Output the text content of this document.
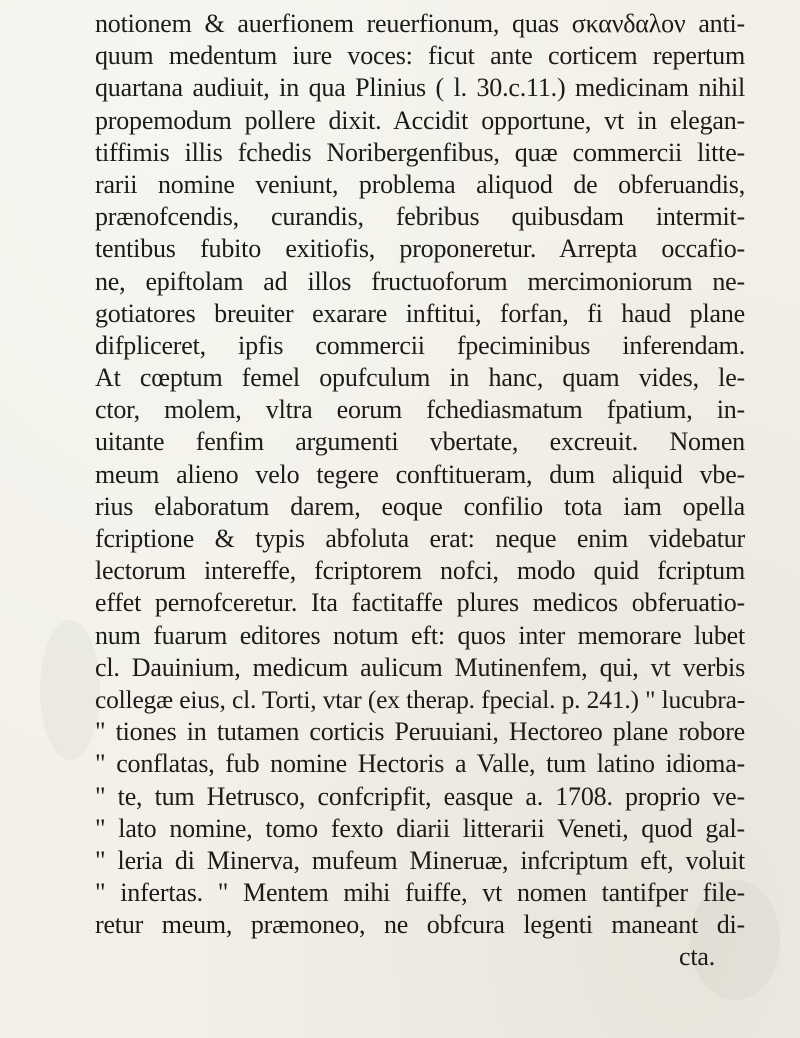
notionem & auerfionem reuerfionum, quas σκανδαλον anti-
quum medentum iure voces: ficut ante corticem repertum
quartana audiuit, in qua Plinius ( l. 30.c.11.) medicinam nihil
propemodum pollere dixit. Accidit opportune, vt in elegan-
tiffimis illis fchedis Noribergenfibus, quæ commercii litte-
rarii nomine veniunt, problema aliquod de obferuandis,
prænofcendis, curandis, febribus quibusdam intermit-
tentibus fubito exitiofis, proponeretur. Arrepta occafio-
ne, epiftolam ad illos fructuoforum mercimoniorum ne-
gotiatores breuiter exarare inftitui, forfan, fi haud plane
difpliceret, ipfis commercii fpeciminibus inferendam.
At cœptum femel opufculum in hanc, quam vides, le-
ctor, molem, vltra eorum fchediasmatum fpatium, in-
uitante fenfim argumenti vbertate, excreuit. Nomen
meum alieno velo tegere conftitueram, dum aliquid vbe-
rius elaboratum darem, eoque confilio tota iam opella
fcriptione & typis abfoluta erat: neque enim videbatur
lectorum intereffe, fcriptorem nofci, modo quid fcriptum
effet pernofceretur. Ita factitaffe plures medicos obferuatio-
num fuarum editores notum eft: quos inter memorare lubet
cl. Dauinium, medicum aulicum Mutinenfem, qui, vt verbis
collegæ eius, cl. Torti, vtar (ex therap. fpecial. p. 241.) " lucubra-
" tiones in tutamen corticis Peruuiani, Hectoreo plane robore
" conflatas, fub nomine Hectoris a Valle, tum latino idioma-
" te, tum Hetrusco, confcripfit, easque a. 1708. proprio ve-
" lato nomine, tomo fexto diarii litterarii Veneti, quod gal-
" leria di Minerva, mufeum Mineruæ, infcriptum eft, voluit
" infertas. " Mentem mihi fuiffe, vt nomen tantifper file-
retur meum, præmoneo, ne obfcura legenti maneant di-
cta.
